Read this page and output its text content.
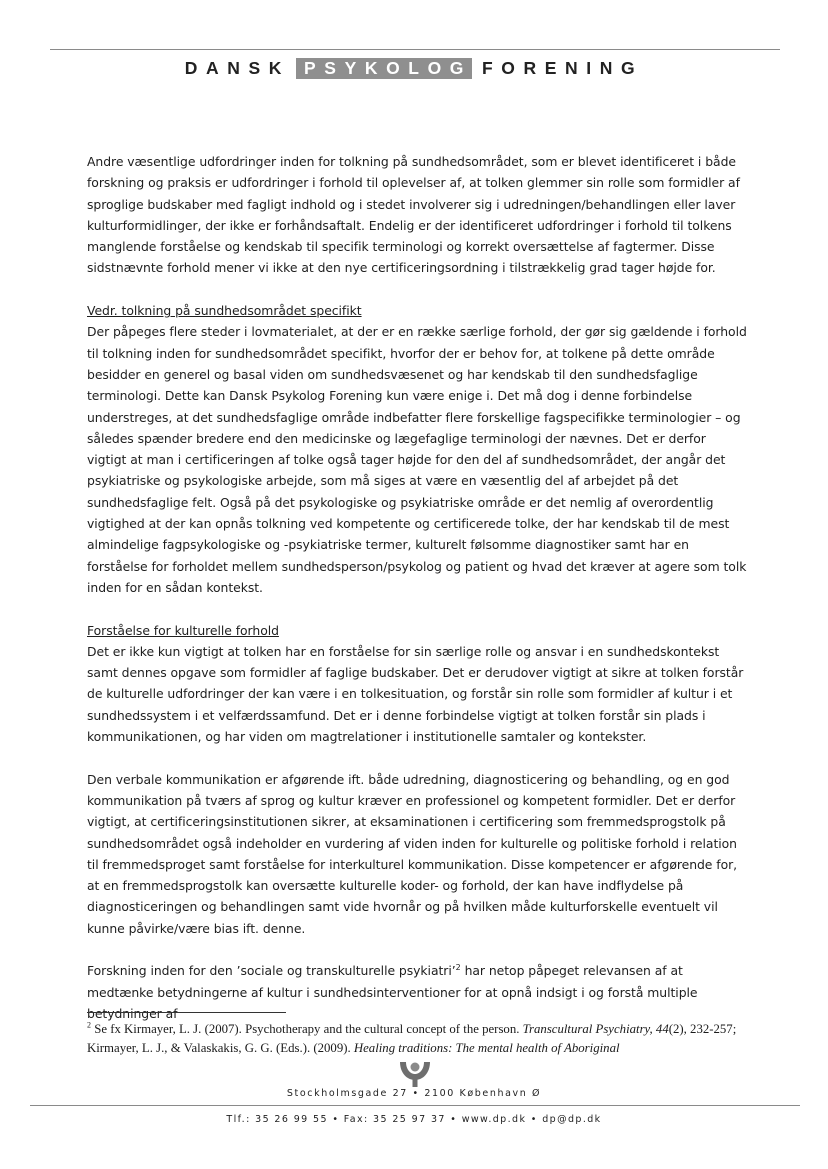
DANSK PSYKOLOG FORENING

Andre væsentlige udfordringer inden for tolkning på sundhedsområdet, som er blevet identificeret i både forskning og praksis er udfordringer i forhold til oplevelser af, at tolken glemmer sin rolle som formidler af sproglige budskaber med fagligt indhold og i stedet involverer sig i udredningen/behandlingen eller laver kulturformidlinger, der ikke er forhåndsaftalt. Endelig er der identificeret udfordringer i forhold til tolkens manglende forståelse og kendskab til specifik terminologi og korrekt oversættelse af fagtermer. Disse sidstnævnte forhold mener vi ikke at den nye certificeringsordning i tilstrækkelig grad tager højde for.

Vedr. tolkning på sundhedsområdet specifikt

Der påpeges flere steder i lovmaterialet, at der er en række særlige forhold, der gør sig gældende i forhold til tolkning inden for sundhedsområdet specifikt, hvorfor der er behov for, at tolkene på dette område besidder en generel og basal viden om sundhedsvæsenet og har kendskab til den sundhedsfaglige terminologi. Dette kan Dansk Psykolog Forening kun være enige i. Det må dog i denne forbindelse understreges, at det sundhedsfaglige område indbefatter flere forskellige fagspecifikke terminologier – og således spænder bredere end den medicinske og lægefaglige terminologi der nævnes. Det er derfor vigtigt at man i certificeringen af tolke også tager højde for den del af sundhedsområdet, der angår det psykiatriske og psykologiske arbejde, som må siges at være en væsentlig del af arbejdet på det sundhedsfaglige felt. Også på det psykologiske og psykiatriske område er det nemlig af overordentlig vigtighed at der kan opnås tolkning ved kompetente og certificerede tolke, der har kendskab til de mest almindelige fagpsykologiske og -psykiatriske termer, kulturelt følsomme diagnostiker samt har en forståelse for forholdet mellem sundhedsperson/psykolog og patient og hvad det kræver at agere som tolk inden for en sådan kontekst.

Forståelse for kulturelle forhold

Det er ikke kun vigtigt at tolken har en forståelse for sin særlige rolle og ansvar i en sundhedskontekst samt dennes opgave som formidler af faglige budskaber. Det er derudover vigtigt at sikre at tolken forstår de kulturelle udfordringer der kan være i en tolkesituation, og forstår sin rolle som formidler af kultur i et sundhedssystem i et velfærdssamfund. Det er i denne forbindelse vigtigt at tolken forstår sin plads i kommunikationen, og har viden om magtrelationer i institutionelle samtaler og kontekster.

Den verbale kommunikation er afgørende ift. både udredning, diagnosticering og behandling, og en god kommunikation på tværs af sprog og kultur kræver en professionel og kompetent formidler. Det er derfor vigtigt, at certificeringsinstitutionen sikrer, at eksaminationen i certificering som fremmedsprogstolk på sundhedsområdet også indeholder en vurdering af viden inden for kulturelle og politiske forhold i relation til fremmedsproget samt forståelse for interkulturel kommunikation. Disse kompetencer er afgørende for, at en fremmedsprogstolk kan oversætte kulturelle koder- og forhold, der kan have indflydelse på diagnosticeringen og behandlingen samt vide hvornår og på hvilken måde kulturforskelle eventuelt vil kunne påvirke/være bias ift. denne.

Forskning inden for den ’sociale og transkulturelle psykiatri’$^2$ har netop påpeget relevansen af at medtænke betydningerne af kultur i sundhedsinterventioner for at opnå indsigt i og forstå multiple betydninger af

$^2$ Se fx Kirmayer, L. J. (2007). Psychotherapy and the cultural concept of the person. Transcultural Psychiatry, 44(2), 232-257; Kirmayer, L. J., & Valaskakis, G. G. (Eds.). (2009). Healing traditions: The mental health of Aboriginal
Stockholmsgade 27 • 2100 København Ø
Tlf.: 35 26 99 55 • Fax: 35 25 97 37 • www.dp.dk • dp@dp.dk
